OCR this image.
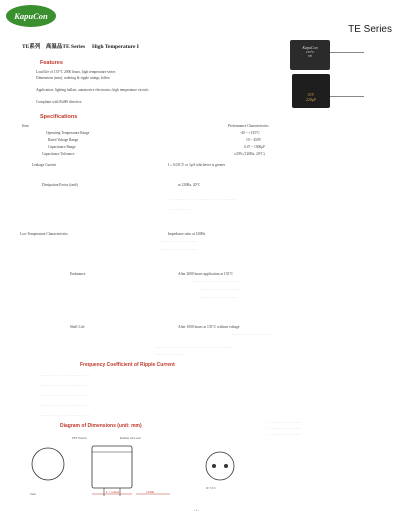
KapuCon
TE Series
TE系列 高温品TE Series High Temperature I	KapuCon
135°C
TE
35V
220μF
Features
Load life of 135°C 2000 hours, high temperature series
Dimensions (mm), ordering & ripple ratings follow
Application: lighting ballast, automotive electronics, high temperature circuits
Compliant with RoHS directive
Specifications
Item	Performance Characteristics
Operating Temperature Range	-40 ~ +135°C
Rated Voltage Range	10 ~ 450V
Capacitance Range	0.47 ~ 1000μF
Capacitance Tolerance	±20% (120Hz, 20°C)
Leakage Current	I ≤ 0.01CV or 3μA whichever is greater
Dissipation Factor (tanδ)	at 120Hz, 20°C
· · · · · · · · · · · · · · · · · · · · · · · · · · · · · · · · · · · ·
· · · · · · · · · · ·
Low Temperature Characteristics	Impedance ratio at 120Hz
· · · · · · · · · · · · · · · · · · · · ·
· · · · · · · · · · · · · · · · · · · · ·
Endurance	After 2000 hours application at 135°C
· · · · · · · · · · · · · · · · · · · · · · · · · · ·
· · · · · · · · · · · · · · · · · · · · · ·
· · · · · · · · · · · · · · · · · · · · ·
Shelf Life	After 1000 hours at 135°C without voltage
· · · · · · · · · · · · · · · · · · · · · · · ·
· · · · · · · · · · · · · · · · · · · · · · · · · · · · · · · · · · · · · · · · · · ·
· · · · · · · · · · · · · · · · ·
Frequency Coefficient of Ripple Current
· · · · · · · · · · · · · · · · · · · · · · · · · · ·
· · · · · · · · · · · · · · · · · · · · · · · · · · ·
· · · · · · · · · · · · · · · · · · · · · · · · · · ·
· · · · · · · · · · · · · · · · · · · · · · · · · · ·
· · · · · · · · · · · · · · · · · · · · · · · · · · ·
Diagram of Dimensions (unit: mm)
PET Sleeve	Rubber end seal
Vent	L + α max	15min
D ± 0.5
· · · · · · · · · · · · · · · · · ·
· · · · · · · · · · · · · · · · · ·
· · · · · · · · · · · · · · · · · ·
- 1 -
